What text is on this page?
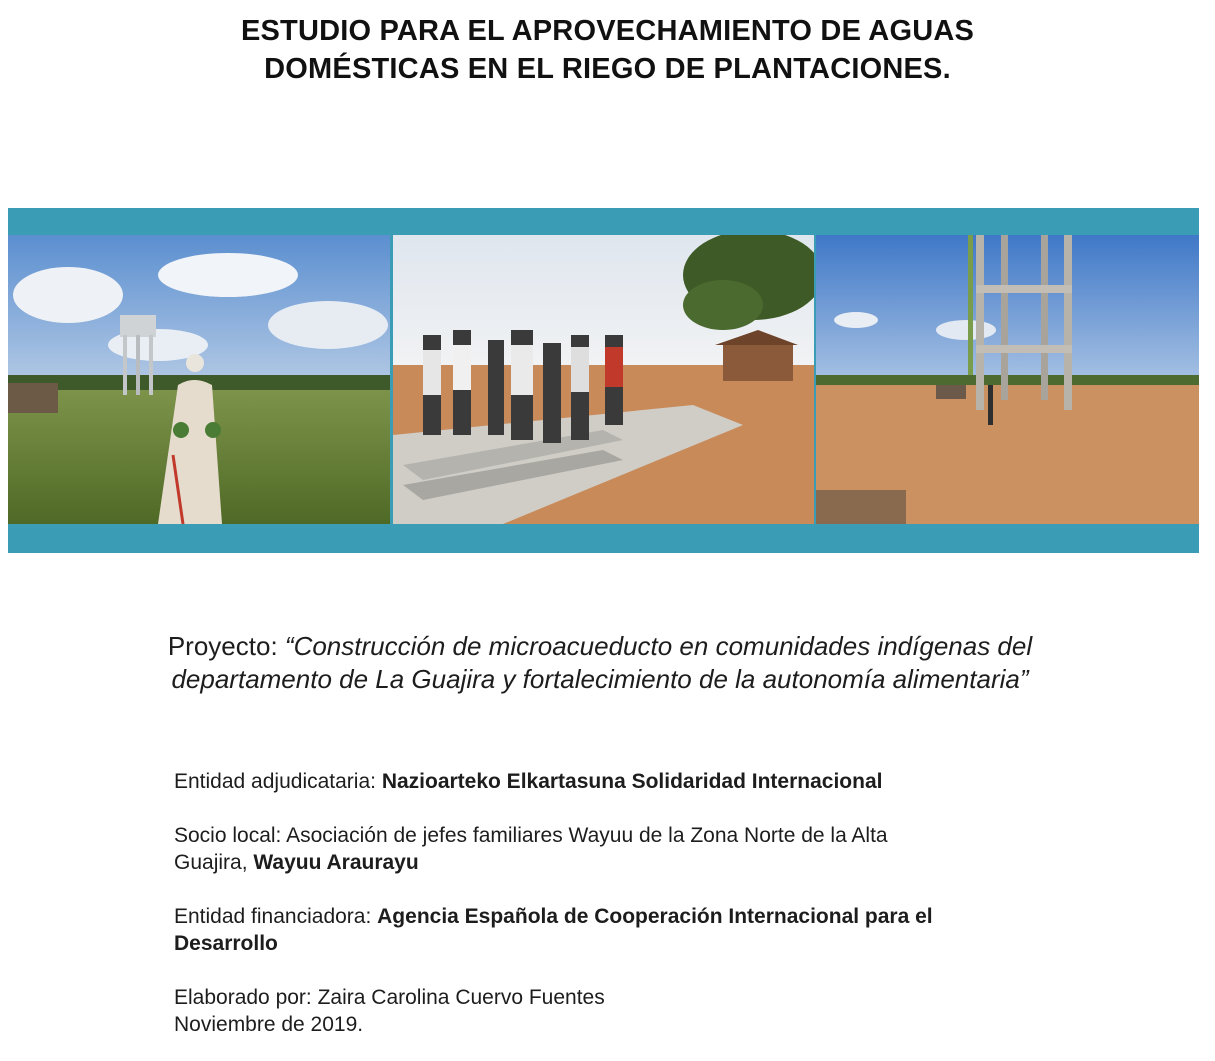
ESTUDIO PARA EL APROVECHAMIENTO DE AGUAS
DOMÉSTICAS EN EL RIEGO DE PLANTACIONES.
Proyecto: “Construcción de microacueducto en comunidades indígenas del departamento de La Guajira y fortalecimiento de la autonomía alimentaria”
Entidad adjudicataria: Nazioarteko Elkartasuna Solidaridad Internacional
Socio local: Asociación de jefes familiares Wayuu de la Zona Norte de la Alta
Guajira, Wayuu Araurayu
Entidad financiadora: Agencia Española de Cooperación Internacional para el
Desarrollo
Elaborado por: Zaira Carolina Cuervo Fuentes
Noviembre de 2019.
